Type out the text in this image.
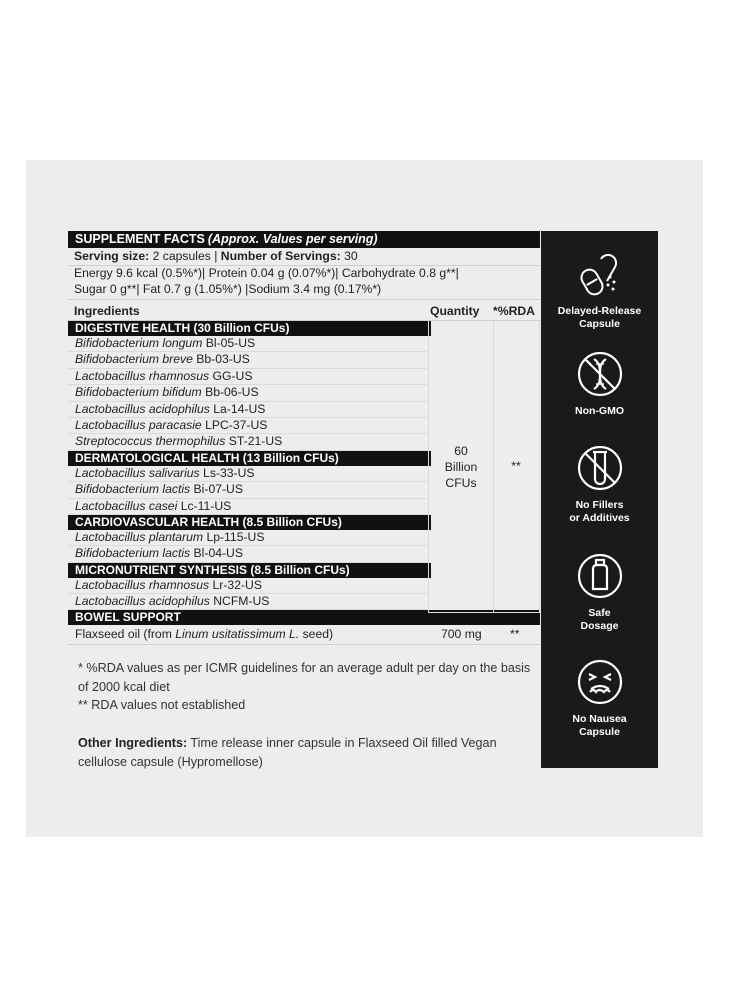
SUPPLEMENT FACTS (Approx. Values per serving)
Serving size: 2 capsules | Number of Servings: 30
Energy 9.6 kcal (0.5%*)| Protein 0.04 g (0.07%*)| Carbohydrate 0.8 g**|
Sugar 0 g**| Fat 0.7 g (1.05%*) |Sodium 3.4 mg (0.17%*)
Ingredients	Quantity *%RDA
DIGESTIVE HEALTH (30 Billion CFUs)
Bifidobacterium longum Bl-05-US
Bifidobacterium breve Bb-03-US
Lactobacillus rhamnosus GG-US
Bifidobacterium bifidum Bb-06-US
Lactobacillus acidophilus La-14-US
Lactobacillus paracasie LPC-37-US
Streptococcus thermophilus ST-21-US
DERMATOLOGICAL HEALTH (13 Billion CFUs)
Lactobacillus salivarius Ls-33-US
Bifidobacterium lactis Bi-07-US
Lactobacillus casei Lc-11-US
CARDIOVASCULAR HEALTH (8.5 Billion CFUs)
Lactobacillus plantarum Lp-115-US
Bifidobacterium lactis Bl-04-US
MICRONUTRIENT SYNTHESIS (8.5 Billion CFUs)
Lactobacillus rhamnosus Lr-32-US
Lactobacillus acidophilus NCFM-US
60
Billion
CFUs
**
BOWEL SUPPORT
Flaxseed oil (from Linum usitatissimum L. seed)	700 mg **

* %RDA values as per ICMR guidelines for an average adult per day on the basis of 2000 kcal diet

** RDA values not established

Other Ingredients: Time release inner capsule in Flaxseed Oil filled Vegan cellulose capsule (Hypromellose)
Delayed-Release
Capsule
Non-GMO
No Fillers
or Additives
Safe
Dosage
No Nausea
Capsule
